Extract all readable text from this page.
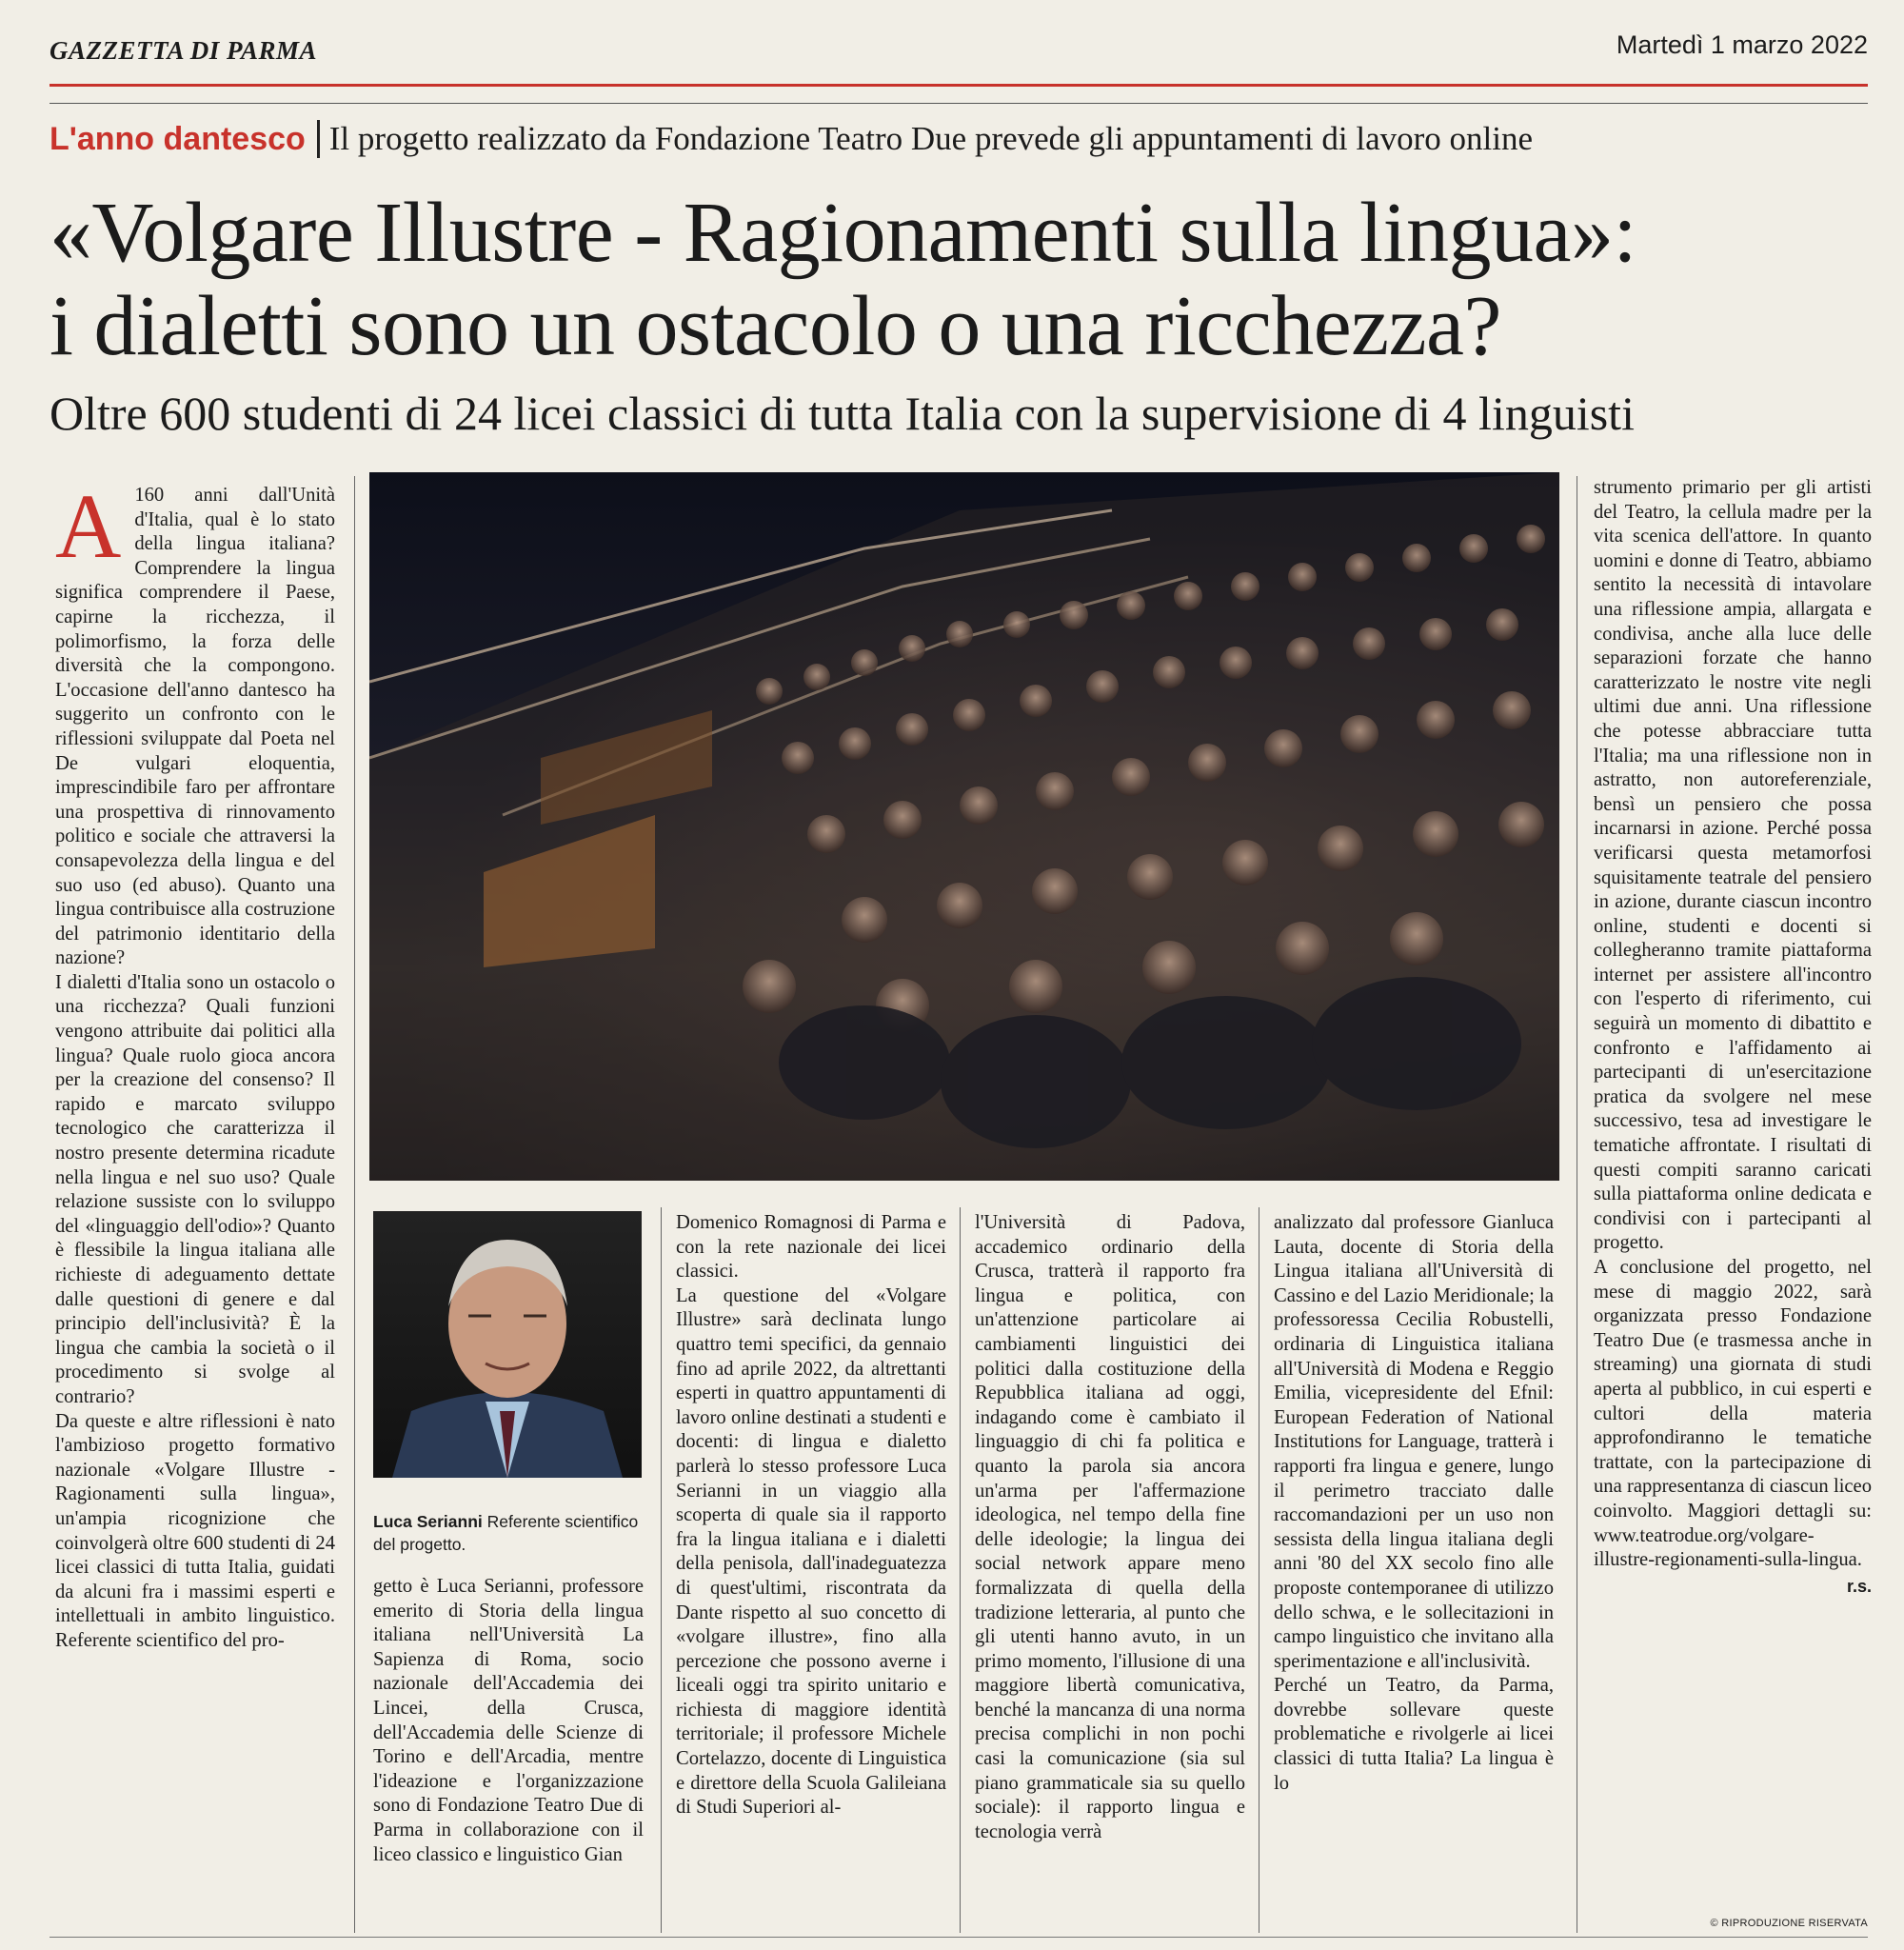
GAZZETTA DI PARMA	Martedì 1 marzo 2022
L'anno dantesco Il progetto realizzato da Fondazione Teatro Due prevede gli appuntamenti di lavoro online
«Volgare Illustre - Ragionamenti sulla lingua»:
i dialetti sono un ostacolo o una ricchezza?
Oltre 600 studenti di 24 licei classici di tutta Italia con la supervisione di 4 linguisti

A 160 anni dall'Unità d'Italia, qual è lo stato della lingua italiana? Comprendere la lingua significa comprendere il Paese, capirne la ricchezza, il polimorfismo, la forza delle diversità che la compongono. L'occasione dell'anno dantesco ha suggerito un confronto con le riflessioni sviluppate dal Poeta nel De vulgari eloquentia, imprescindibile faro per affrontare una prospettiva di rinnovamento politico e sociale che attraversi la consapevolezza della lingua e del suo uso (ed abuso). Quanto una lingua contribuisce alla costruzione del patrimonio identitario della nazione?

I dialetti d'Italia sono un ostacolo o una ricchezza? Quali funzioni vengono attribuite dai politici alla lingua? Quale ruolo gioca ancora per la creazione del consenso? Il rapido e marcato sviluppo tecnologico che caratterizza il nostro presente determina ricadute nella lingua e nel suo uso? Quale relazione sussiste con lo sviluppo del «linguaggio dell'odio»? Quanto è flessibile la lingua italiana alle richieste di adeguamento dettate dalle questioni di genere e dal principio dell'inclusività? È la lingua che cambia la società o il procedimento si svolge al contrario?

Da queste e altre riflessioni è nato l'ambizioso progetto formativo nazionale «Volgare Illustre - Ragionamenti sulla lingua», un'ampia ricognizione che coinvolgerà oltre 600 studenti di 24 licei classici di tutta Italia, guidati da alcuni fra i massimi esperti e intellettuali in ambito linguistico. Referente scientifico del pro-

Luca Serianni Referente scientifico del progetto.

getto è Luca Serianni, professore emerito di Storia della lingua italiana nell'Università La Sapienza di Roma, socio nazionale dell'Accademia dei Lincei, della Crusca, dell'Accademia delle Scienze di Torino e dell'Arcadia, mentre l'ideazione e l'organizzazione sono di Fondazione Teatro Due di Parma in collaborazione con il liceo classico e linguistico Gian

Domenico Romagnosi di Parma e con la rete nazionale dei licei classici.

La questione del «Volgare Illustre» sarà declinata lungo quattro temi specifici, da gennaio fino ad aprile 2022, da altrettanti esperti in quattro appuntamenti di lavoro online destinati a studenti e docenti: di lingua e dialetto parlerà lo stesso professore Luca Serianni in un viaggio alla scoperta di quale sia il rapporto fra la lingua italiana e i dialetti della penisola, dall'inadeguatezza di quest'ultimi, riscontrata da Dante rispetto al suo concetto di «volgare illustre», fino alla percezione che possono averne i liceali oggi tra spirito unitario e richiesta di maggiore identità territoriale; il professore Michele Cortelazzo, docente di Linguistica e direttore della Scuola Galileiana di Studi Superiori al-

l'Università di Padova, accademico ordinario della Crusca, tratterà il rapporto fra lingua e politica, con un'attenzione particolare ai cambiamenti linguistici dei politici dalla costituzione della Repubblica italiana ad oggi, indagando come è cambiato il linguaggio di chi fa politica e quanto la parola sia ancora un'arma per l'affermazione ideologica, nel tempo della fine delle ideologie; la lingua dei social network appare meno formalizzata di quella della tradizione letteraria, al punto che gli utenti hanno avuto, in un primo momento, l'illusione di una maggiore libertà comunicativa, benché la mancanza di una norma precisa complichi in non pochi casi la comunicazione (sia sul piano grammaticale sia su quello sociale): il rapporto lingua e tecnologia verrà

analizzato dal professore Gianluca Lauta, docente di Storia della Lingua italiana all'Università di Cassino e del Lazio Meridionale; la professoressa Cecilia Robustelli, ordinaria di Linguistica italiana all'Università di Modena e Reggio Emilia, vicepresidente del Efnil: European Federation of National Institutions for Language, tratterà i rapporti fra lingua e genere, lungo il perimetro tracciato dalle raccomandazioni per un uso non sessista della lingua italiana degli anni '80 del XX secolo fino alle proposte contemporanee di utilizzo dello schwa, e le sollecitazioni in campo linguistico che invitano alla sperimentazione e all'inclusività.

Perché un Teatro, da Parma, dovrebbe sollevare queste problematiche e rivolgerle ai licei classici di tutta Italia? La lingua è lo

strumento primario per gli artisti del Teatro, la cellula madre per la vita scenica dell'attore. In quanto uomini e donne di Teatro, abbiamo sentito la necessità di intavolare una riflessione ampia, allargata e condivisa, anche alla luce delle separazioni forzate che hanno caratterizzato le nostre vite negli ultimi due anni. Una riflessione che potesse abbracciare tutta l'Italia; ma una riflessione non in astratto, non autoreferenziale, bensì un pensiero che possa incarnarsi in azione. Perché possa verificarsi questa metamorfosi squisitamente teatrale del pensiero in azione, durante ciascun incontro online, studenti e docenti si collegheranno tramite piattaforma internet per assistere all'incontro con l'esperto di riferimento, cui seguirà un momento di dibattito e confronto e l'affidamento ai partecipanti di un'esercitazione pratica da svolgere nel mese successivo, tesa ad investigare le tematiche affrontate. I risultati di questi compiti saranno caricati sulla piattaforma online dedicata e condivisi con i partecipanti al progetto.

A conclusione del progetto, nel mese di maggio 2022, sarà organizzata presso Fondazione Teatro Due (e trasmessa anche in streaming) una giornata di studi aperta al pubblico, in cui esperti e cultori della materia approfondiranno le tematiche trattate, con la partecipazione di una rappresentanza di ciascun liceo coinvolto. Maggiori dettagli su: www.teatrodue.org/volgare-illustre-regionamenti-sulla-lingua.

r.s.
© RIPRODUZIONE RISERVATA
